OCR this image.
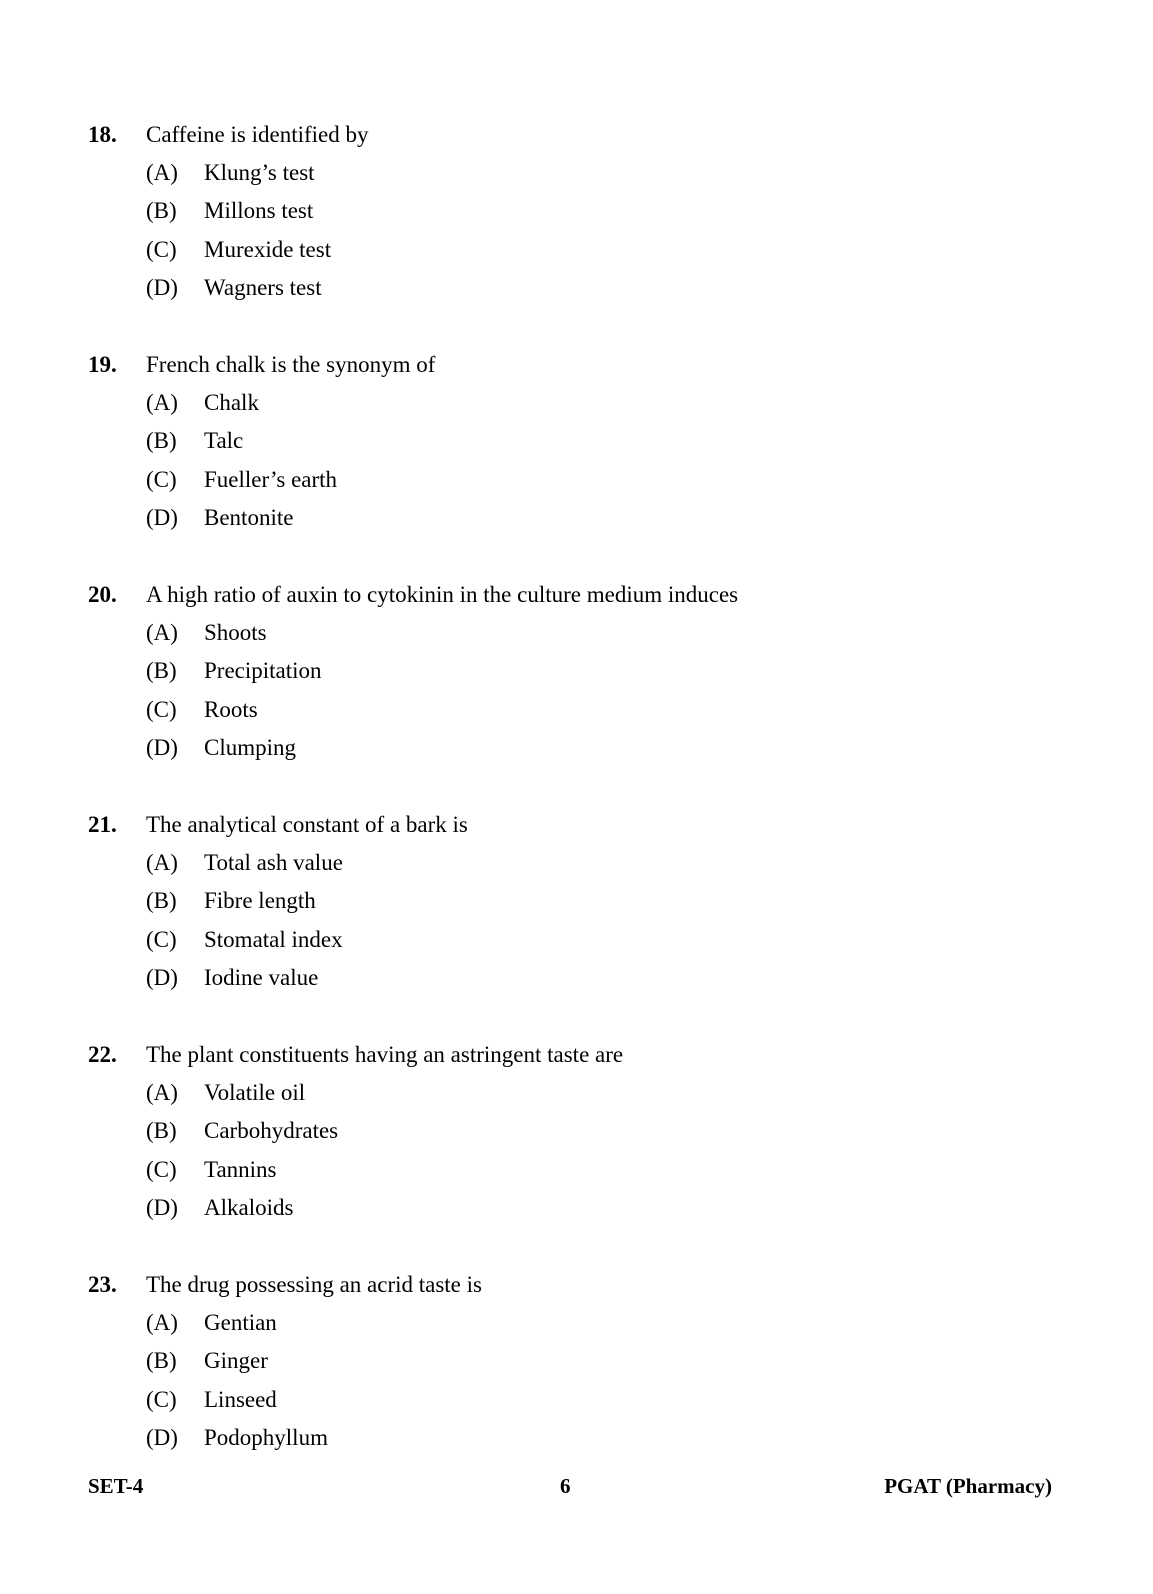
18. Caffeine is identified by
(A) Klung’s test
(B) Millons test
(C) Murexide test
(D) Wagners test
19. French chalk is the synonym of
(A) Chalk
(B) Talc
(C) Fueller’s earth
(D) Bentonite
20. A high ratio of auxin to cytokinin in the culture medium induces
(A) Shoots
(B) Precipitation
(C) Roots
(D) Clumping
21. The analytical constant of a bark is
(A) Total ash value
(B) Fibre length
(C) Stomatal index
(D) Iodine value
22. The plant constituents having an astringent taste are
(A) Volatile oil
(B) Carbohydrates
(C) Tannins
(D) Alkaloids
23. The drug possessing an acrid taste is
(A) Gentian
(B) Ginger
(C) Linseed
(D) Podophyllum
SET-4	6	PGAT (Pharmacy)
